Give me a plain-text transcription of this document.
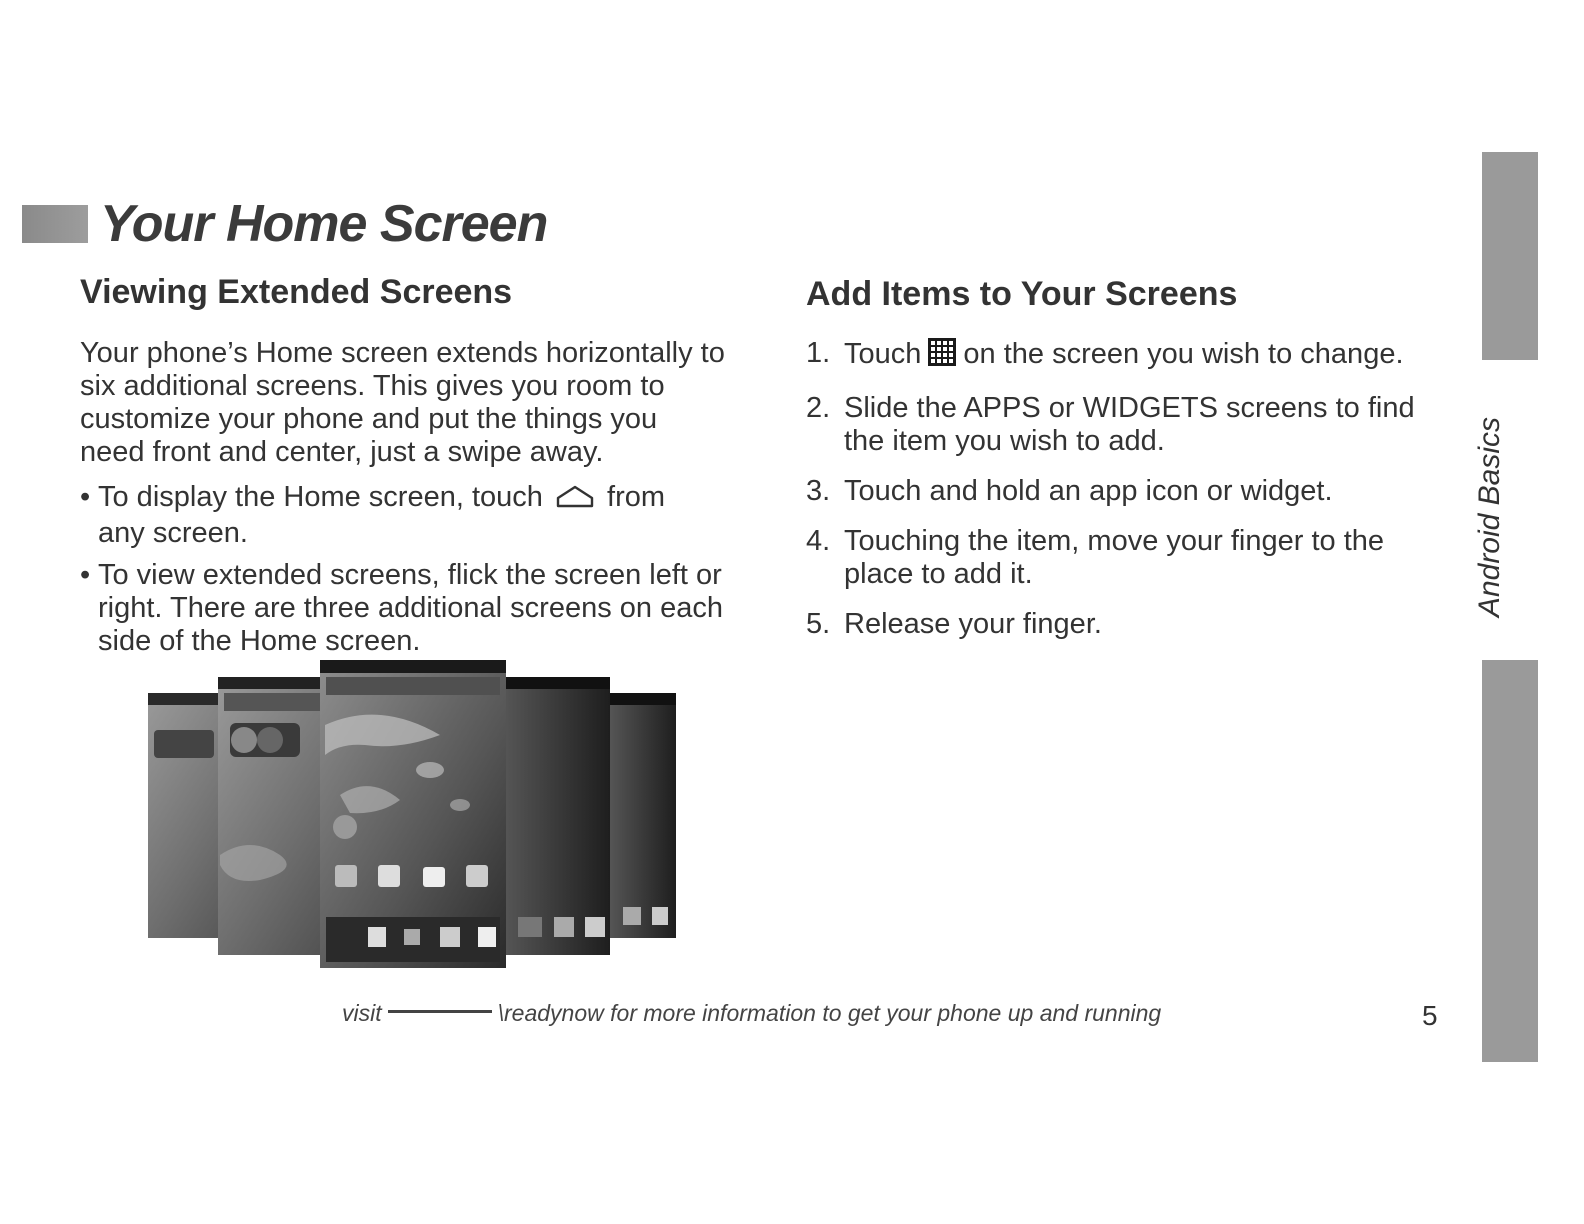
Your Home Screen
Viewing Extended Screens

Your phone’s Home screen extends horizontally to
six additional screens. This gives you room to
customize your phone and put the things you
need front and center, just a swipe away.

• To display the Home screen, touch from
any screen.
• To view extended screens, flick the screen left or
right. There are three additional screens on each
side of the Home screen.
Add Items to Your Screens
1. Touch on the screen you wish to change.
2. Slide the APPS or WIDGETS screens to find
the item you wish to add.
3. Touch and hold an app icon or widget.
4. Touching the item, move your finger to the
place to add it.
5. Release your finger.
Android Basics
visit	\readynow for more information to get your phone up and running	5
